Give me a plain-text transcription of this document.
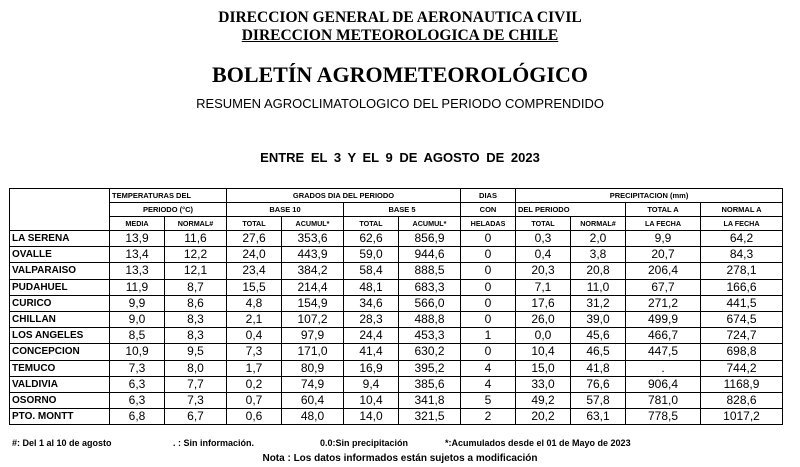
DIRECCION GENERAL DE AERONAUTICA CIVIL
DIRECCION METEOROLOGICA DE CHILE
BOLETÍN AGROMETEOROLÓGICO
RESUMEN AGROCLIMATOLOGICO DEL PERIODO COMPRENDIDO
ENTRE EL 3 Y EL 9 DE AGOSTO DE 2023
	TEMPERATURAS DEL		GRADOS DIA DEL PERIODO				DIAS	PRECIPITACION (mm)			
	PERIODO (°C)		BASE 10		BASE 5		CON	DEL PERIODO		TOTAL A	NORMAL A
	MEDIA	NORMAL#	TOTAL	ACUMUL*	TOTAL	ACUMUL*	HELADAS	TOTAL	NORMAL#	LA FECHA	LA FECHA
LA SERENA	13,9	11,6	27,6	353,6	62,6	856,9	0	0,3	2,0	9,9	64,2
OVALLE	13,4	12,2	24,0	443,9	59,0	944,6	0	0,4	3,8	20,7	84,3
VALPARAISO	13,3	12,1	23,4	384,2	58,4	888,5	0	20,3	20,8	206,4	278,1
PUDAHUEL	11,9	8,7	15,5	214,4	48,1	683,3	0	7,1	11,0	67,7	166,6
CURICO	9,9	8,6	4,8	154,9	34,6	566,0	0	17,6	31,2	271,2	441,5
CHILLAN	9,0	8,3	2,1	107,2	28,3	488,8	0	26,0	39,0	499,9	674,5
LOS ANGELES	8,5	8,3	0,4	97,9	24,4	453,3	1	0,0	45,6	466,7	724,7
CONCEPCION	10,9	9,5	7,3	171,0	41,4	630,2	0	10,4	46,5	447,5	698,8
TEMUCO	7,3	8,0	1,7	80,9	16,9	395,2	4	15,0	41,8	.	744,2
VALDIVIA	6,3	7,7	0,2	74,9	9,4	385,6	4	33,0	76,6	906,4	1168,9
OSORNO	6,3	7,3	0,7	60,4	10,4	341,8	5	49,2	57,8	781,0	828,6
PTO. MONTT	6,8	6,7	0,6	48,0	14,0	321,5	2	20,2	63,1	778,5	1017,2
#: Del 1 al 10 de agosto	. : Sin información.	0.0:Sin precipitación	*:Acumulados desde el 01 de Mayo de 2023
Nota : Los datos informados están sujetos a modificación
